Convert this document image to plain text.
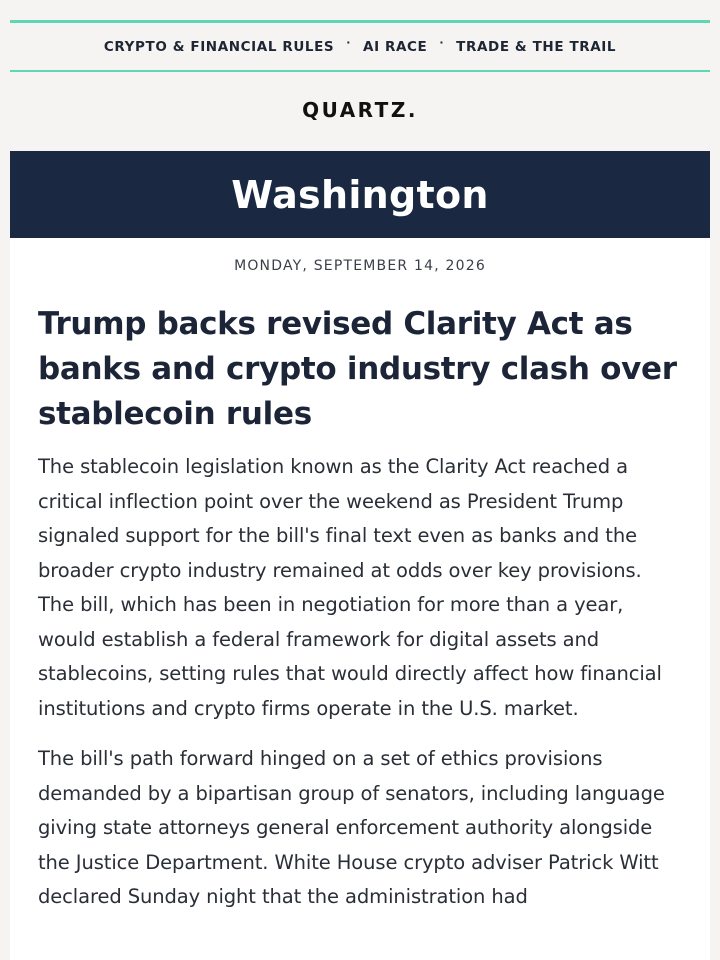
CRYPTO & FINANCIAL RULES · AI RACE · TRADE & THE TRAIL
QUARTZ.
Washington
MONDAY, SEPTEMBER 14, 2026
Trump backs revised Clarity Act as banks and crypto industry clash over stablecoin rules

The stablecoin legislation known as the Clarity Act reached a critical inflection point over the weekend as President Trump signaled support for the bill's final text even as banks and the broader crypto industry remained at odds over key provisions. The bill, which has been in negotiation for more than a year, would establish a federal framework for digital assets and stablecoins, setting rules that would directly affect how financial institutions and crypto firms operate in the U.S. market.

The bill's path forward hinged on a set of ethics provisions demanded by a bipartisan group of senators, including language giving state attorneys general enforcement authority alongside the Justice Department. White House crypto adviser Patrick Witt declared Sunday night that the administration had
